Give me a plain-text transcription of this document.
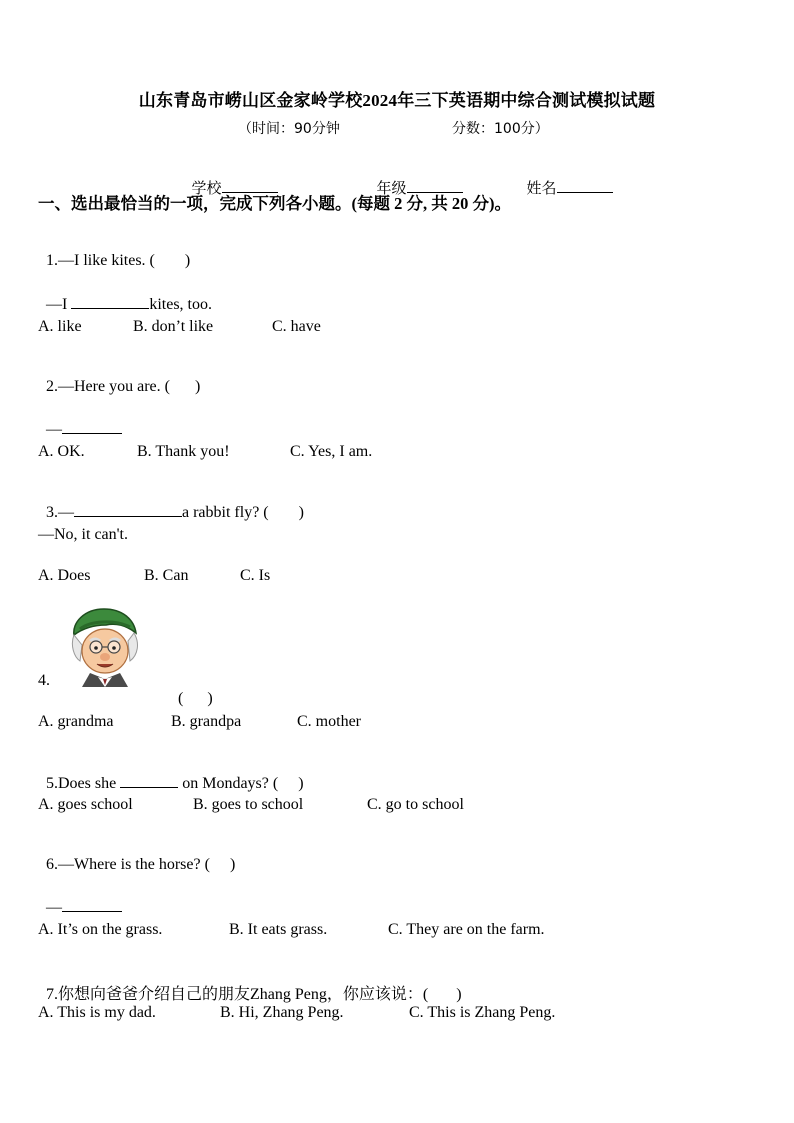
山东青岛市崂山区金家岭学校2024年三下英语期中综合测试模拟试题
（时间：90分钟	分数：100分）

学校	年级	姓名

一、选出最恰当的一项，完成下列各小题。(每题 2 分, 共 20 分)。

1.—I like kites. ( )

—I	kites, too.

A. like	B. don’t like	C. have

2.—Here you are. ( )

—

A. OK.	B. Thank you!	C. Yes, I am.

3.—	a rabbit fly? ( )

—No, it can't.
A. Does	B. Can	C. Is
4.

( )

A. grandma	B. grandpa	C. mother

5.Does she	on Mondays? ( )

A. goes school	B. goes to school	C. go to school

6.—Where is the horse? ( )

—

A. It’s on the grass.	B. It eats grass.	C. They are on the farm.

7.你想向爸爸介绍自己的朋友Zhang Peng，你应该说：( )

A. This is my dad.	B. Hi, Zhang Peng.	C. This is Zhang Peng.
